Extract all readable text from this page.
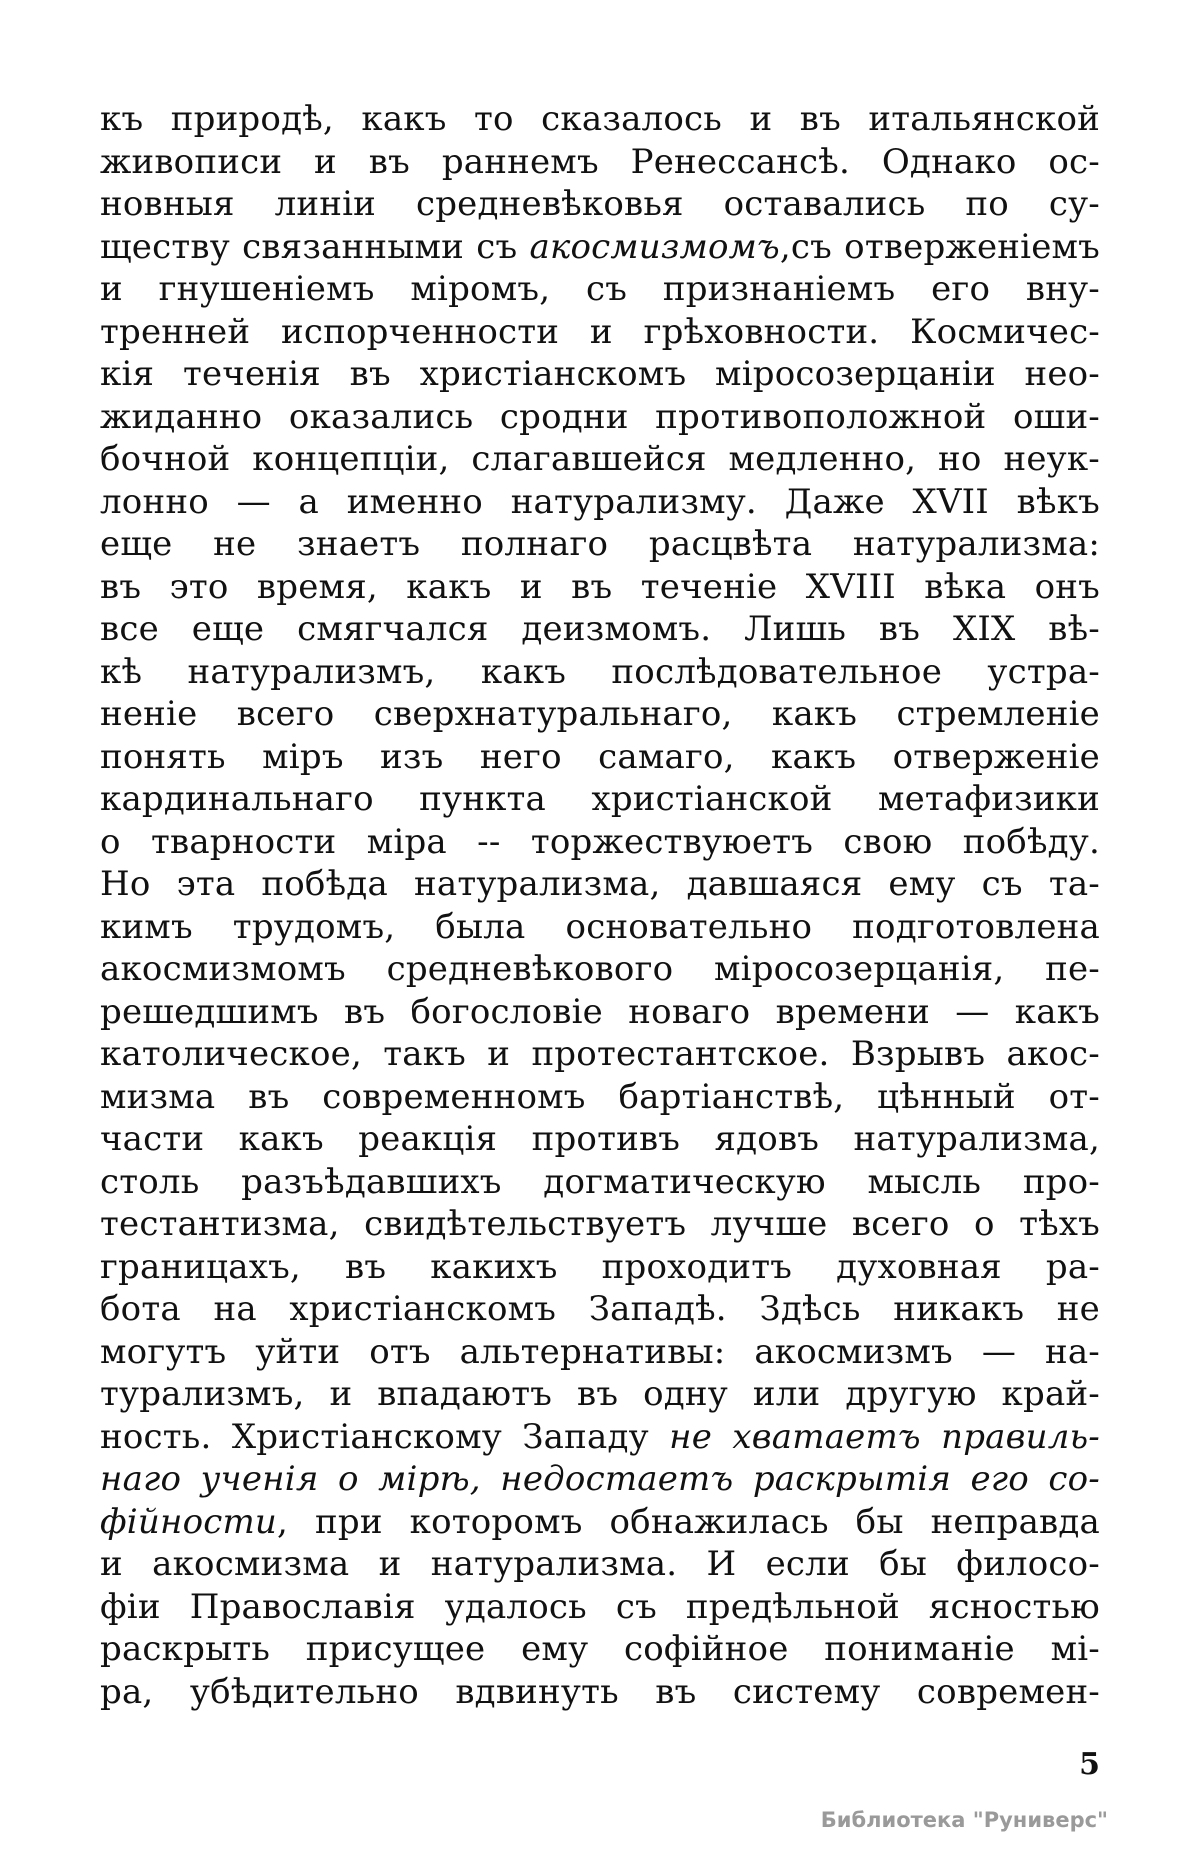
къ природѣ, какъ то сказалось и въ итальянской
живописи и въ раннемъ Ренессансѣ. Однако ос-
новныя линіи средневѣковья оставались по су-
ществу связанными съ акосмизмомъ,съ отверженіемъ
и гнушеніемъ міромъ, съ признаніемъ его вну-
тренней испорченности и грѣховности. Космичес-
кія теченія въ христіанскомъ міросозерцаніи нео-
жиданно оказались сродни противоположной оши-
бочной концепціи, слагавшейся медленно, но неук-
лонно — а именно натурализму. Даже XVII вѣкъ
еще не знаетъ полнаго расцвѣта натурализма:
въ это время, какъ и въ теченіе XVIII вѣка онъ
все еще смягчался деизмомъ. Лишь въ XIX вѣ-
кѣ натурализмъ, какъ послѣдовательное устра-
неніе всего сверхнатуральнаго, какъ стремленіе
понять міръ изъ него самаго, какъ отверженіе
кардинальнаго пункта христіанской метафизики
о тварности міра -- торжествуюетъ свою побѣду.
Но эта побѣда натурализма, давшаяся ему съ та-
кимъ трудомъ, была основательно подготовлена
акосмизмомъ средневѣкового міросозерцанія, пе-
решедшимъ въ богословіе новаго времени — какъ
католическое, такъ и протестантское. Взрывъ акос-
мизма въ современномъ бартіанствѣ, цѣнный от-
части какъ реакція противъ ядовъ натурализма,
столь разъѣдавшихъ догматическую мысль про-
тестантизма, свидѣтельствуетъ лучше всего о тѣхъ
границахъ, въ какихъ проходитъ духовная ра-
бота на христіанскомъ Западѣ. Здѣсь никакъ не
могутъ уйти отъ альтернативы: акосмизмъ — на-
турализмъ, и впадаютъ въ одну или другую край-
ность. Христіанскому Западу не хватаетъ правиль-
наго ученія о мірѣ, недостаетъ раскрытія его со-
фійности, при которомъ обнажилась бы неправда
и акосмизма и натурализма. И если бы филосо-
фіи Православія удалось съ предѣльной ясностью
раскрыть присущее ему софійное пониманіе мі-
ра, убѣдительно вдвинуть въ систему современ-
5
Библиотека "Руниверс"
